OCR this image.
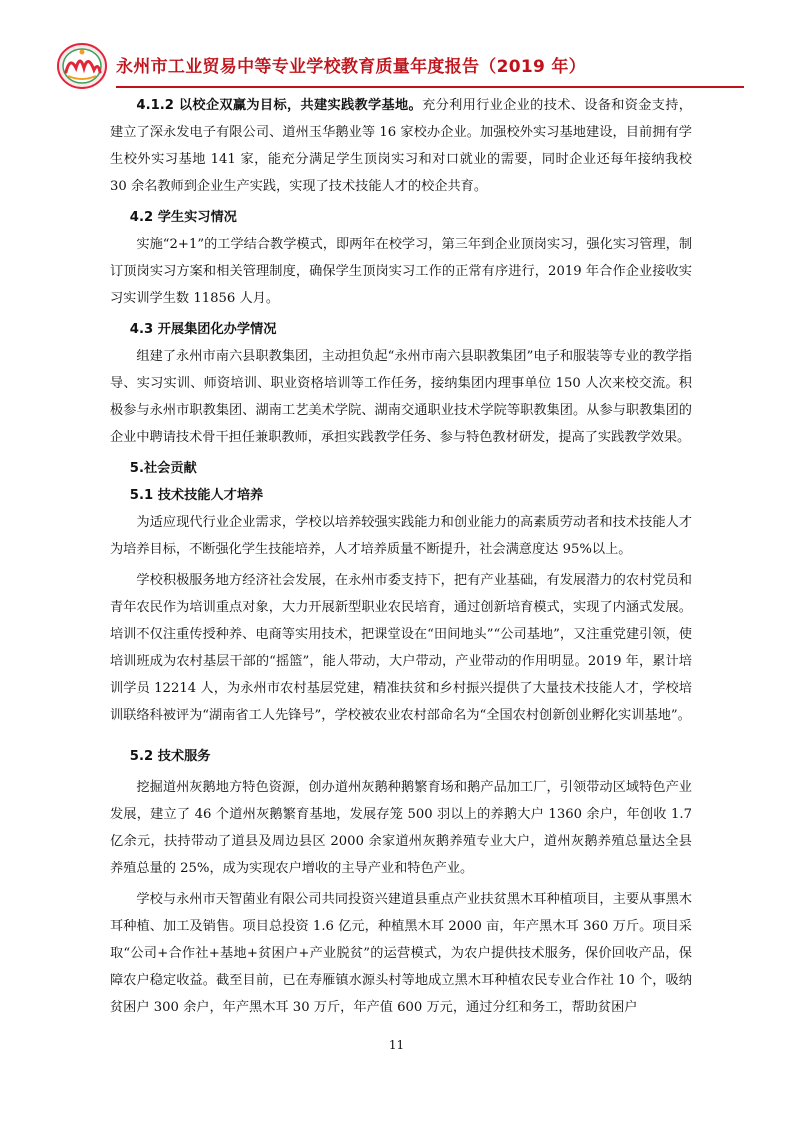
永州市工业贸易中等专业学校教育质量年度报告（2019 年）

4.1.2 以校企双赢为目标，共建实践教学基地。充分利用行业企业的技术、设备和资金支持，建立了深永发电子有限公司、道州玉华鹅业等 16 家校办企业。加强校外实习基地建设，目前拥有学生校外实习基地 141 家，能充分满足学生顶岗实习和对口就业的需要，同时企业还每年接纳我校 30 余名教师到企业生产实践，实现了技术技能人才的校企共育。

4.2 学生实习情况

实施“2+1”的工学结合教学模式，即两年在校学习，第三年到企业顶岗实习，强化实习管理，制订顶岗实习方案和相关管理制度，确保学生顶岗实习工作的正常有序进行，2019 年合作企业接收实习实训学生数 11856 人月。

4.3 开展集团化办学情况

组建了永州市南六县职教集团，主动担负起“永州市南六县职教集团”电子和服装等专业的教学指导、实习实训、师资培训、职业资格培训等工作任务，接纳集团内理事单位 150 人次来校交流。积极参与永州市职教集团、湖南工艺美术学院、湖南交通职业技术学院等职教集团。从参与职教集团的企业中聘请技术骨干担任兼职教师，承担实践教学任务、参与特色教材研发，提高了实践教学效果。

5.社会贡献
5.1 技术技能人才培养

为适应现代行业企业需求，学校以培养较强实践能力和创业能力的高素质劳动者和技术技能人才为培养目标，不断强化学生技能培养，人才培养质量不断提升，社会满意度达 95%以上。

学校积极服务地方经济社会发展，在永州市委支持下，把有产业基础，有发展潜力的农村党员和青年农民作为培训重点对象，大力开展新型职业农民培育，通过创新培育模式，实现了内涵式发展。培训不仅注重传授种养、电商等实用技术，把课堂设在“田间地头”“公司基地”，又注重党建引领，使培训班成为农村基层干部的“摇篮”，能人带动，大户带动，产业带动的作用明显。2019 年，累计培训学员 12214 人，为永州市农村基层党建，精准扶贫和乡村振兴提供了大量技术技能人才，学校培训联络科被评为“湖南省工人先锋号”，学校被农业农村部命名为“全国农村创新创业孵化实训基地”。

5.2 技术服务

挖掘道州灰鹅地方特色资源，创办道州灰鹅种鹅繁育场和鹅产品加工厂，引领带动区域特色产业发展，建立了 46 个道州灰鹅繁育基地，发展存笼 500 羽以上的养鹅大户 1360 余户，年创收 1.7 亿余元，扶持带动了道县及周边县区 2000 余家道州灰鹅养殖专业大户，道州灰鹅养殖总量达全县养殖总量的 25%，成为实现农户增收的主导产业和特色产业。

学校与永州市天智菌业有限公司共同投资兴建道县重点产业扶贫黑木耳种植项目，主要从事黑木耳种植、加工及销售。项目总投资 1.6 亿元，种植黑木耳 2000 亩，年产黑木耳 360 万斤。项目采取“公司+合作社+基地+贫困户+产业脱贫”的运营模式，为农户提供技术服务，保价回收产品，保障农户稳定收益。截至目前，已在寿雁镇水源头村等地成立黑木耳种植农民专业合作社 10 个，吸纳贫困户 300 余户，年产黑木耳 30 万斤，年产值 600 万元，通过分红和务工，帮助贫困户

11
